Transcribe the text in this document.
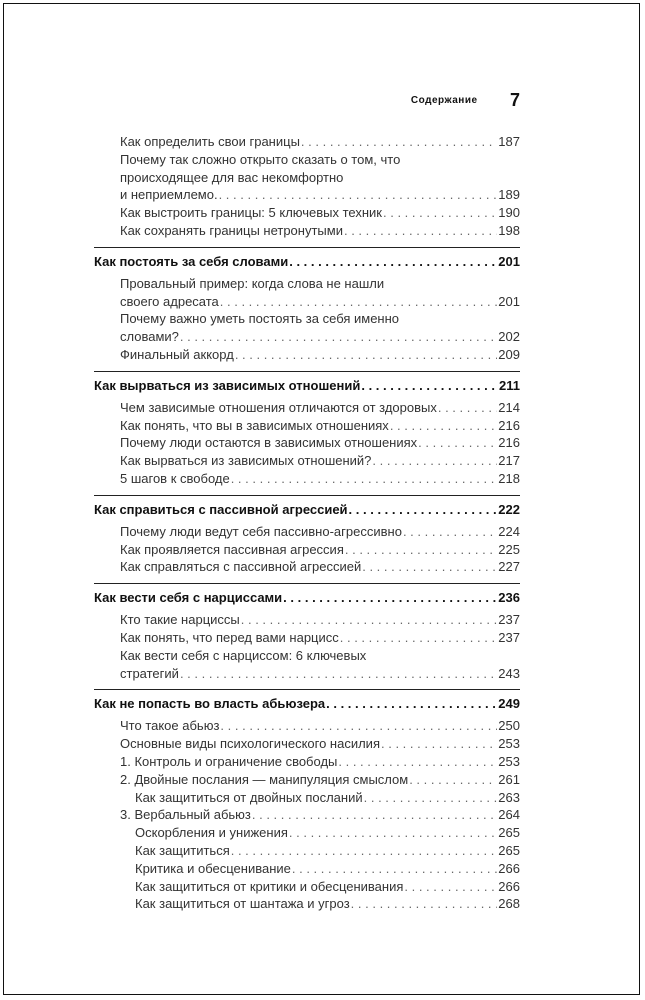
Содержание 7
Как определить свои границы . . .	187
Почему так сложно открыто сказать о том, что
происходящее для вас некомфортно
и неприемлемо. . . .	189
Как выстроить границы: 5 ключевых техник . . .	190
Как сохранять границы нетронутыми . . .	198
Как постоять за себя словами . . .	201
Провальный пример: когда слова не нашли
своего адресата . . .	201
Почему важно уметь постоять за себя именно
словами? . . .	202
Финальный аккорд . . .	209
Как вырваться из зависимых отношений . . .	211
Чем зависимые отношения отличаются от здоровых . . .	214
Как понять, что вы в зависимых отношениях . . .	216
Почему люди остаются в зависимых отношениях . . .	216
Как вырваться из зависимых отношений? . . .	217
5 шагов к свободе . . .	218
Как справиться с пассивной агрессией . . .	222
Почему люди ведут себя пассивно-агрессивно . . .	224
Как проявляется пассивная агрессия . . .	225
Как справляться с пассивной агрессией . . .	227
Как вести себя с нарциссами . . .	236
Кто такие нарциссы . . .	237
Как понять, что перед вами нарцисс . . .	237
Как вести себя с нарциссом: 6 ключевых
стратегий . . .	243
Как не попасть во власть абьюзера . . .	249
Что такое абьюз . . .	250
Основные виды психологического насилия . . .	253
1. Контроль и ограничение свободы . . .	253
2. Двойные послания — манипуляция смыслом . . .	261
Как защититься от двойных посланий . . .	263
3. Вербальный абьюз . . .	264
Оскорбления и унижения . . .	265
Как защититься . . .	265
Критика и обесценивание . . .	266
Как защититься от критики и обесценивания . . .	266
Как защититься от шантажа и угроз . . .	268
